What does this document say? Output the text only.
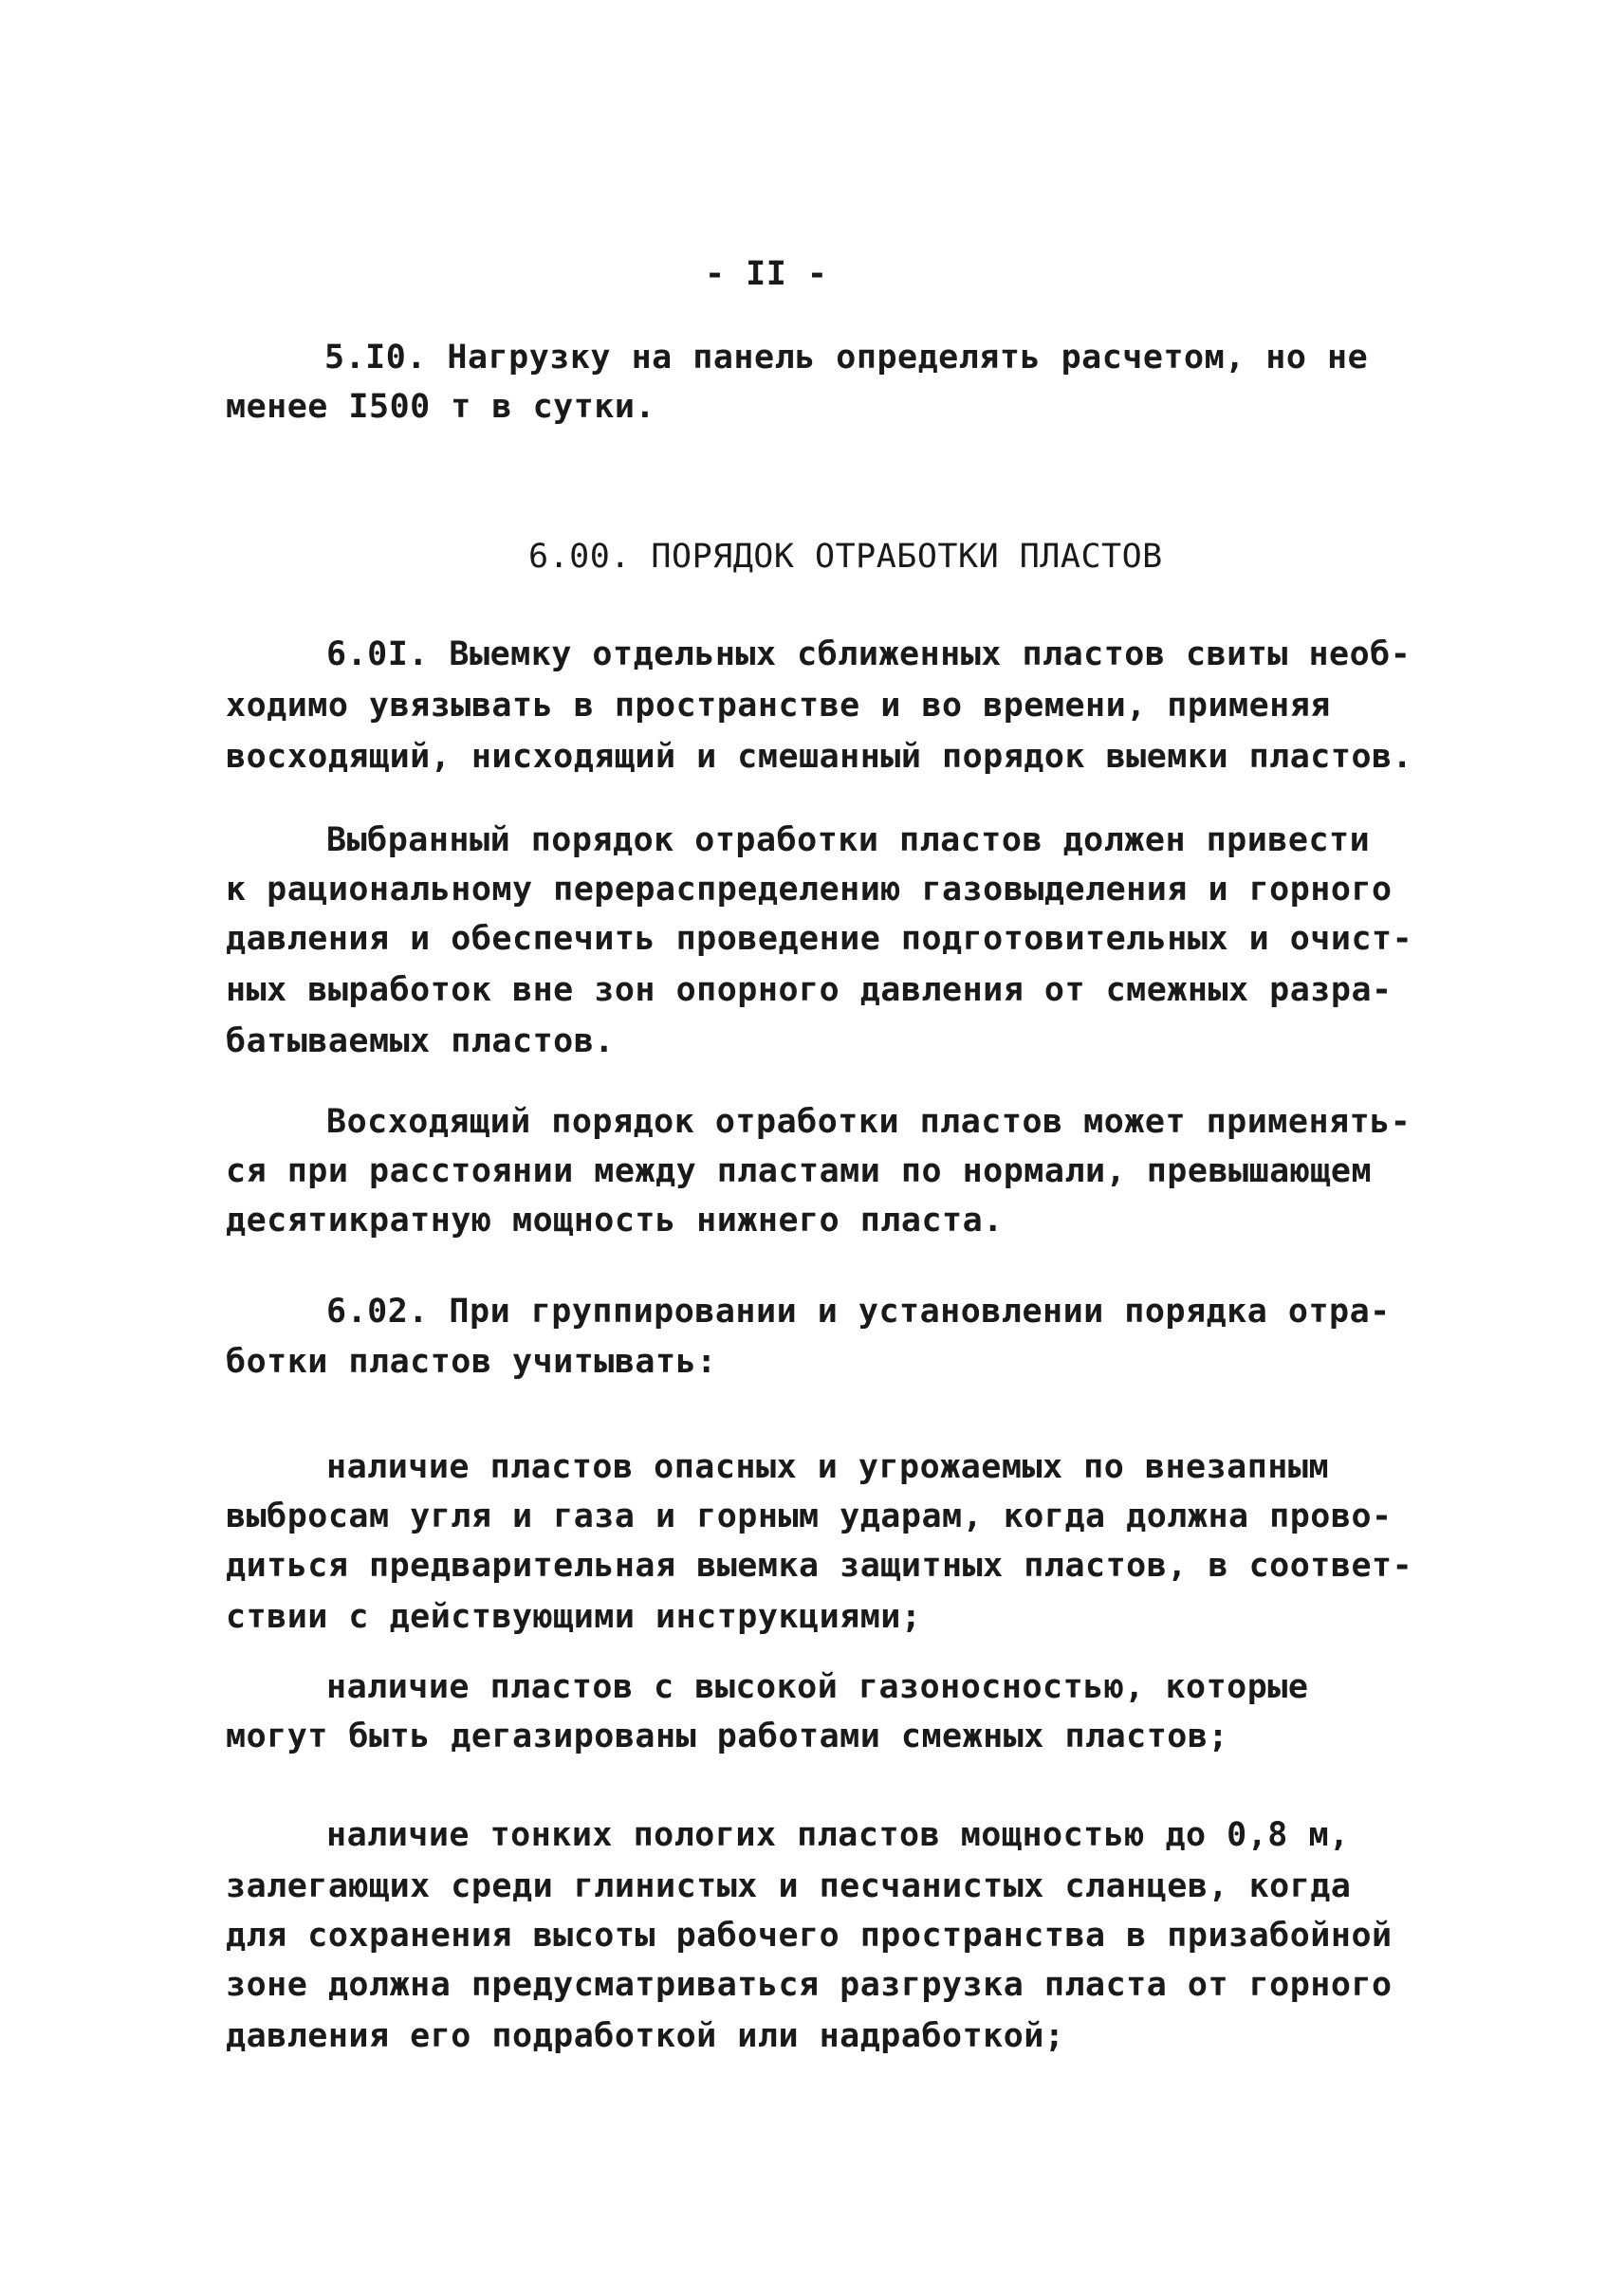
- II -
5.I0. Нагрузку на панель определять расчетом, но не
менее I500 т в сутки.
6.00. ПОРЯДОК ОТРАБОТКИ ПЛАСТОВ
6.0I. Выемку отдельных сближенных пластов свиты необ-
ходимо увязывать в пространстве и во времени, применяя
восходящий, нисходящий и смешанный порядок выемки пластов.
Выбранный порядок отработки пластов должен привести
к рациональному перераспределению газовыделения и горного
давления и обеспечить проведение подготовительных и очист-
ных выработок вне зон опорного давления от смежных разра-
батываемых пластов.
Восходящий порядок отработки пластов может применять-
ся при расстоянии между пластами по нормали, превышающем
десятикратную мощность нижнего пласта.
6.02. При группировании и установлении порядка отра-
ботки пластов учитывать:
наличие пластов опасных и угрожаемых по внезапным
выбросам угля и газа и горным ударам, когда должна прово-
диться предварительная выемка защитных пластов, в соответ-
ствии с действующими инструкциями;
наличие пластов с высокой газоносностью, которые
могут быть дегазированы работами смежных пластов;
наличие тонких пологих пластов мощностью до 0,8 м,
залегающих среди глинистых и песчанистых сланцев, когда
для сохранения высоты рабочего пространства в призабойной
зоне должна предусматриваться разгрузка пласта от горного
давления его подработкой или надработкой;
